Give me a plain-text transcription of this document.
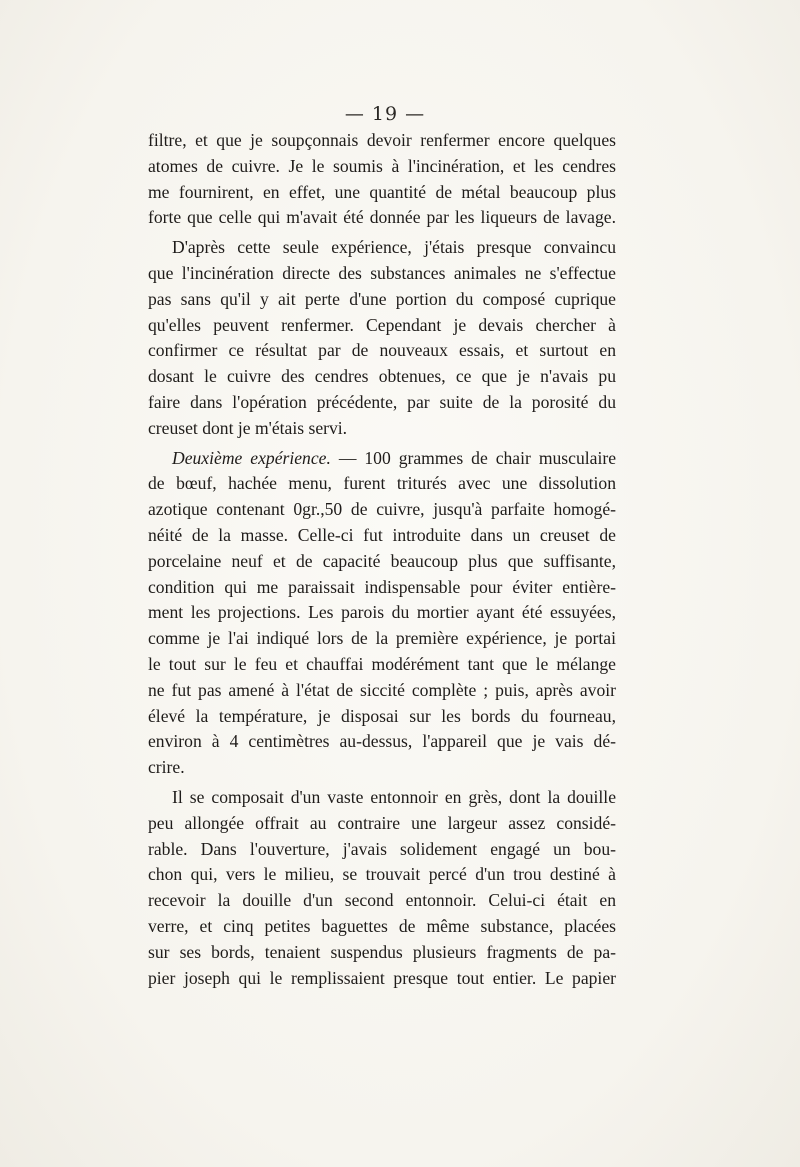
— 19 —
filtre, et que je soupçonnais devoir renfermer encore quelques
atomes de cuivre. Je le soumis à l'incinération, et les cendres
me fournirent, en effet, une quantité de métal beaucoup plus
forte que celle qui m'avait été donnée par les liqueurs de lavage.
D'après cette seule expérience, j'étais presque convaincu
que l'incinération directe des substances animales ne s'effectue
pas sans qu'il y ait perte d'une portion du composé cuprique
qu'elles peuvent renfermer. Cependant je devais chercher à
confirmer ce résultat par de nouveaux essais, et surtout en
dosant le cuivre des cendres obtenues, ce que je n'avais pu
faire dans l'opération précédente, par suite de la porosité du
creuset dont je m'étais servi.
Deuxième expérience. — 100 grammes de chair musculaire
de bœuf, hachée menu, furent triturés avec une dissolution
azotique contenant 0gr.,50 de cuivre, jusqu'à parfaite homogé-
néité de la masse. Celle-ci fut introduite dans un creuset de
porcelaine neuf et de capacité beaucoup plus que suffisante,
condition qui me paraissait indispensable pour éviter entière-
ment les projections. Les parois du mortier ayant été essuyées,
comme je l'ai indiqué lors de la première expérience, je portai
le tout sur le feu et chauffai modérément tant que le mélange
ne fut pas amené à l'état de siccité complète ; puis, après avoir
élevé la température, je disposai sur les bords du fourneau,
environ à 4 centimètres au-dessus, l'appareil que je vais dé-
crire.
Il se composait d'un vaste entonnoir en grès, dont la douille
peu allongée offrait au contraire une largeur assez considé-
rable. Dans l'ouverture, j'avais solidement engagé un bou-
chon qui, vers le milieu, se trouvait percé d'un trou destiné à
recevoir la douille d'un second entonnoir. Celui-ci était en
verre, et cinq petites baguettes de même substance, placées
sur ses bords, tenaient suspendus plusieurs fragments de pa-
pier joseph qui le remplissaient presque tout entier. Le papier
